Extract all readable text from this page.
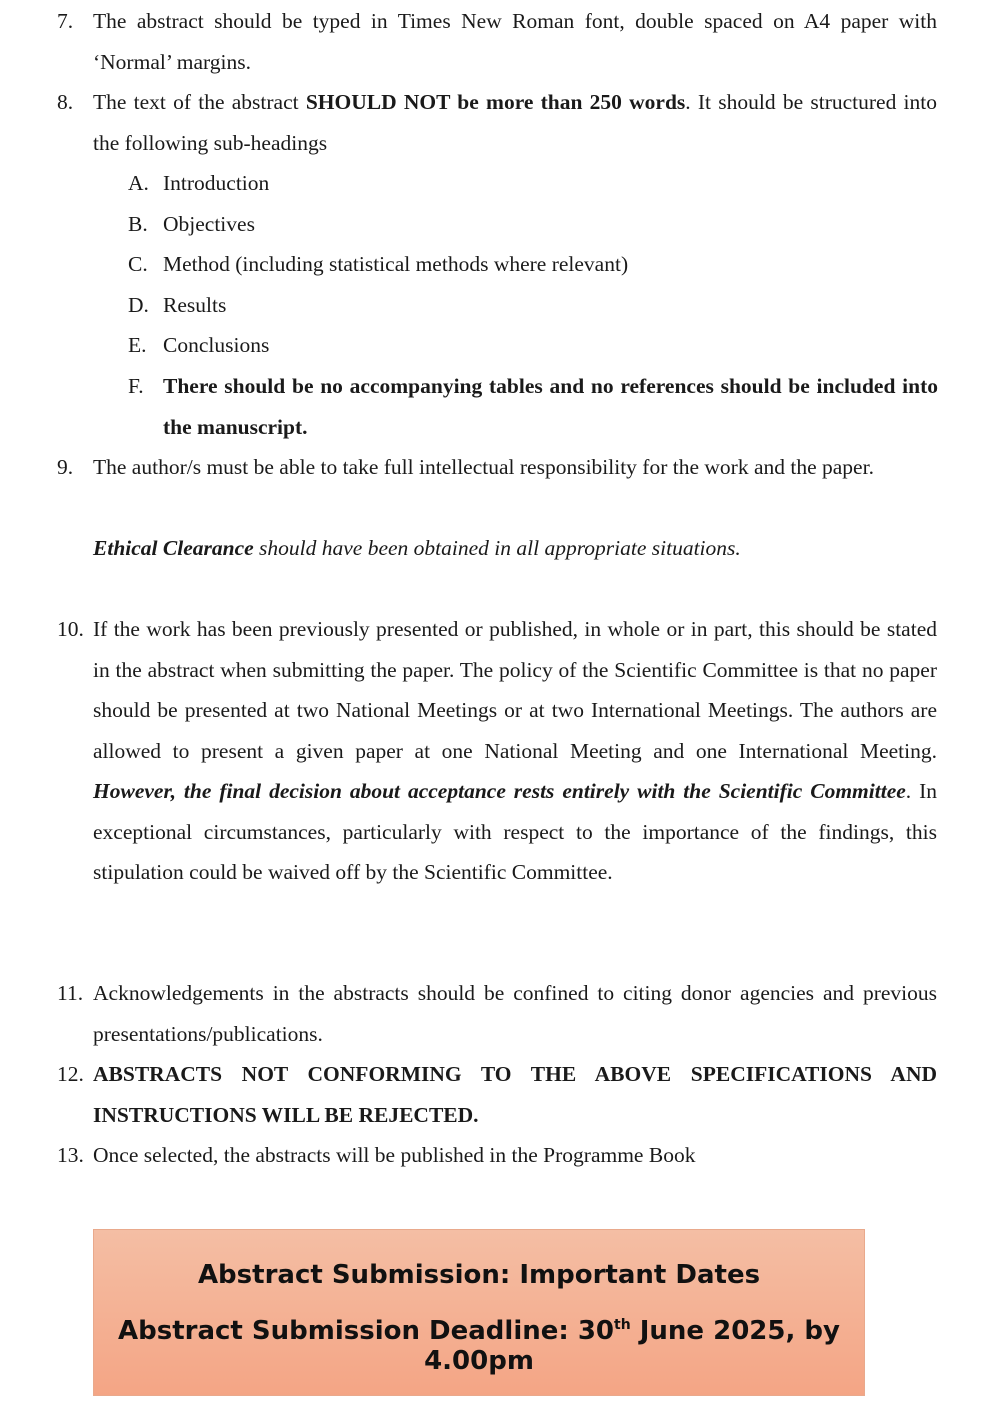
7. The abstract should be typed in Times New Roman font, double spaced on A4 paper with ‘Normal’ margins.
8. The text of the abstract SHOULD NOT be more than 250 words. It should be structured into the following sub-headings
A. Introduction
B. Objectives
C. Method (including statistical methods where relevant)
D. Results
E. Conclusions
F. There should be no accompanying tables and no references should be included into the manuscript.
9. The author/s must be able to take full intellectual responsibility for the work and the paper.
Ethical Clearance should have been obtained in all appropriate situations.
10. If the work has been previously presented or published, in whole or in part, this should be stated in the abstract when submitting the paper. The policy of the Scientific Committee is that no paper should be presented at two National Meetings or at two International Meetings. The authors are allowed to present a given paper at one National Meeting and one International Meeting. However, the final decision about acceptance rests entirely with the Scientific Committee. In exceptional circumstances, particularly with respect to the importance of the findings, this stipulation could be waived off by the Scientific Committee.
11. Acknowledgements in the abstracts should be confined to citing donor agencies and previous presentations/publications.
12. ABSTRACTS NOT CONFORMING TO THE ABOVE SPECIFICATIONS AND INSTRUCTIONS WILL BE REJECTED.
13. Once selected, the abstracts will be published in the Programme Book
Abstract Submission: Important Dates
Abstract Submission Deadline: 30th June 2025, by 4.00pm
